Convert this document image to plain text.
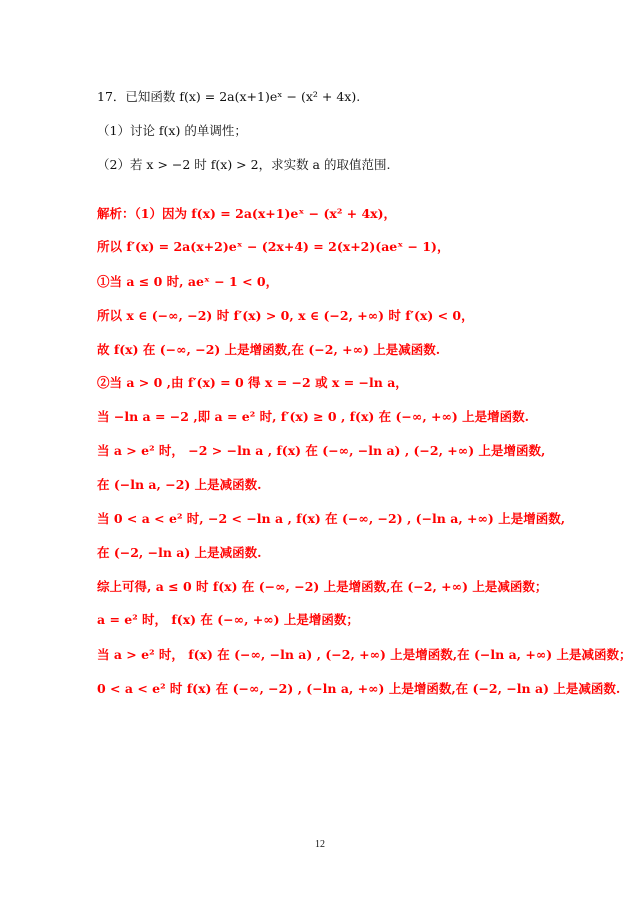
17．已知函数 f(x) = 2a(x+1)eˣ − (x² + 4x).
（1）讨论 f(x) 的单调性；
（2）若 x > −2 时 f(x) > 2，求实数 a 的取值范围.
解析：（1）因为 f(x) = 2a(x+1)eˣ − (x² + 4x)，
所以 f′(x) = 2a(x+2)eˣ − (2x+4) = 2(x+2)(aeˣ − 1)，
①当 a ≤ 0 时, aeˣ − 1 < 0，
所以 x ∈ (−∞, −2) 时 f′(x) > 0, x ∈ (−2, +∞) 时 f′(x) < 0，
故 f(x) 在 (−∞, −2) 上是增函数,在 (−2, +∞) 上是减函数.
②当 a > 0 ,由 f′(x) = 0 得 x = −2 或 x = −ln a，
当 −ln a = −2 ,即 a = e² 时, f′(x) ≥ 0 , f(x) 在 (−∞, +∞) 上是增函数.
当 a > e² 时， −2 > −ln a , f(x) 在 (−∞, −ln a) , (−2, +∞) 上是增函数,
在 (−ln a, −2) 上是减函数.
当 0 < a < e² 时, −2 < −ln a , f(x) 在 (−∞, −2) , (−ln a, +∞) 上是增函数,
在 (−2, −ln a) 上是减函数.
综上可得, a ≤ 0 时 f(x) 在 (−∞, −2) 上是增函数,在 (−2, +∞) 上是减函数；
a = e² 时， f(x) 在 (−∞, +∞) 上是增函数；
当 a > e² 时， f(x) 在 (−∞, −ln a) , (−2, +∞) 上是增函数,在 (−ln a, +∞) 上是减函数；
0 < a < e² 时 f(x) 在 (−∞, −2) , (−ln a, +∞) 上是增函数,在 (−2, −ln a) 上是减函数.
12
